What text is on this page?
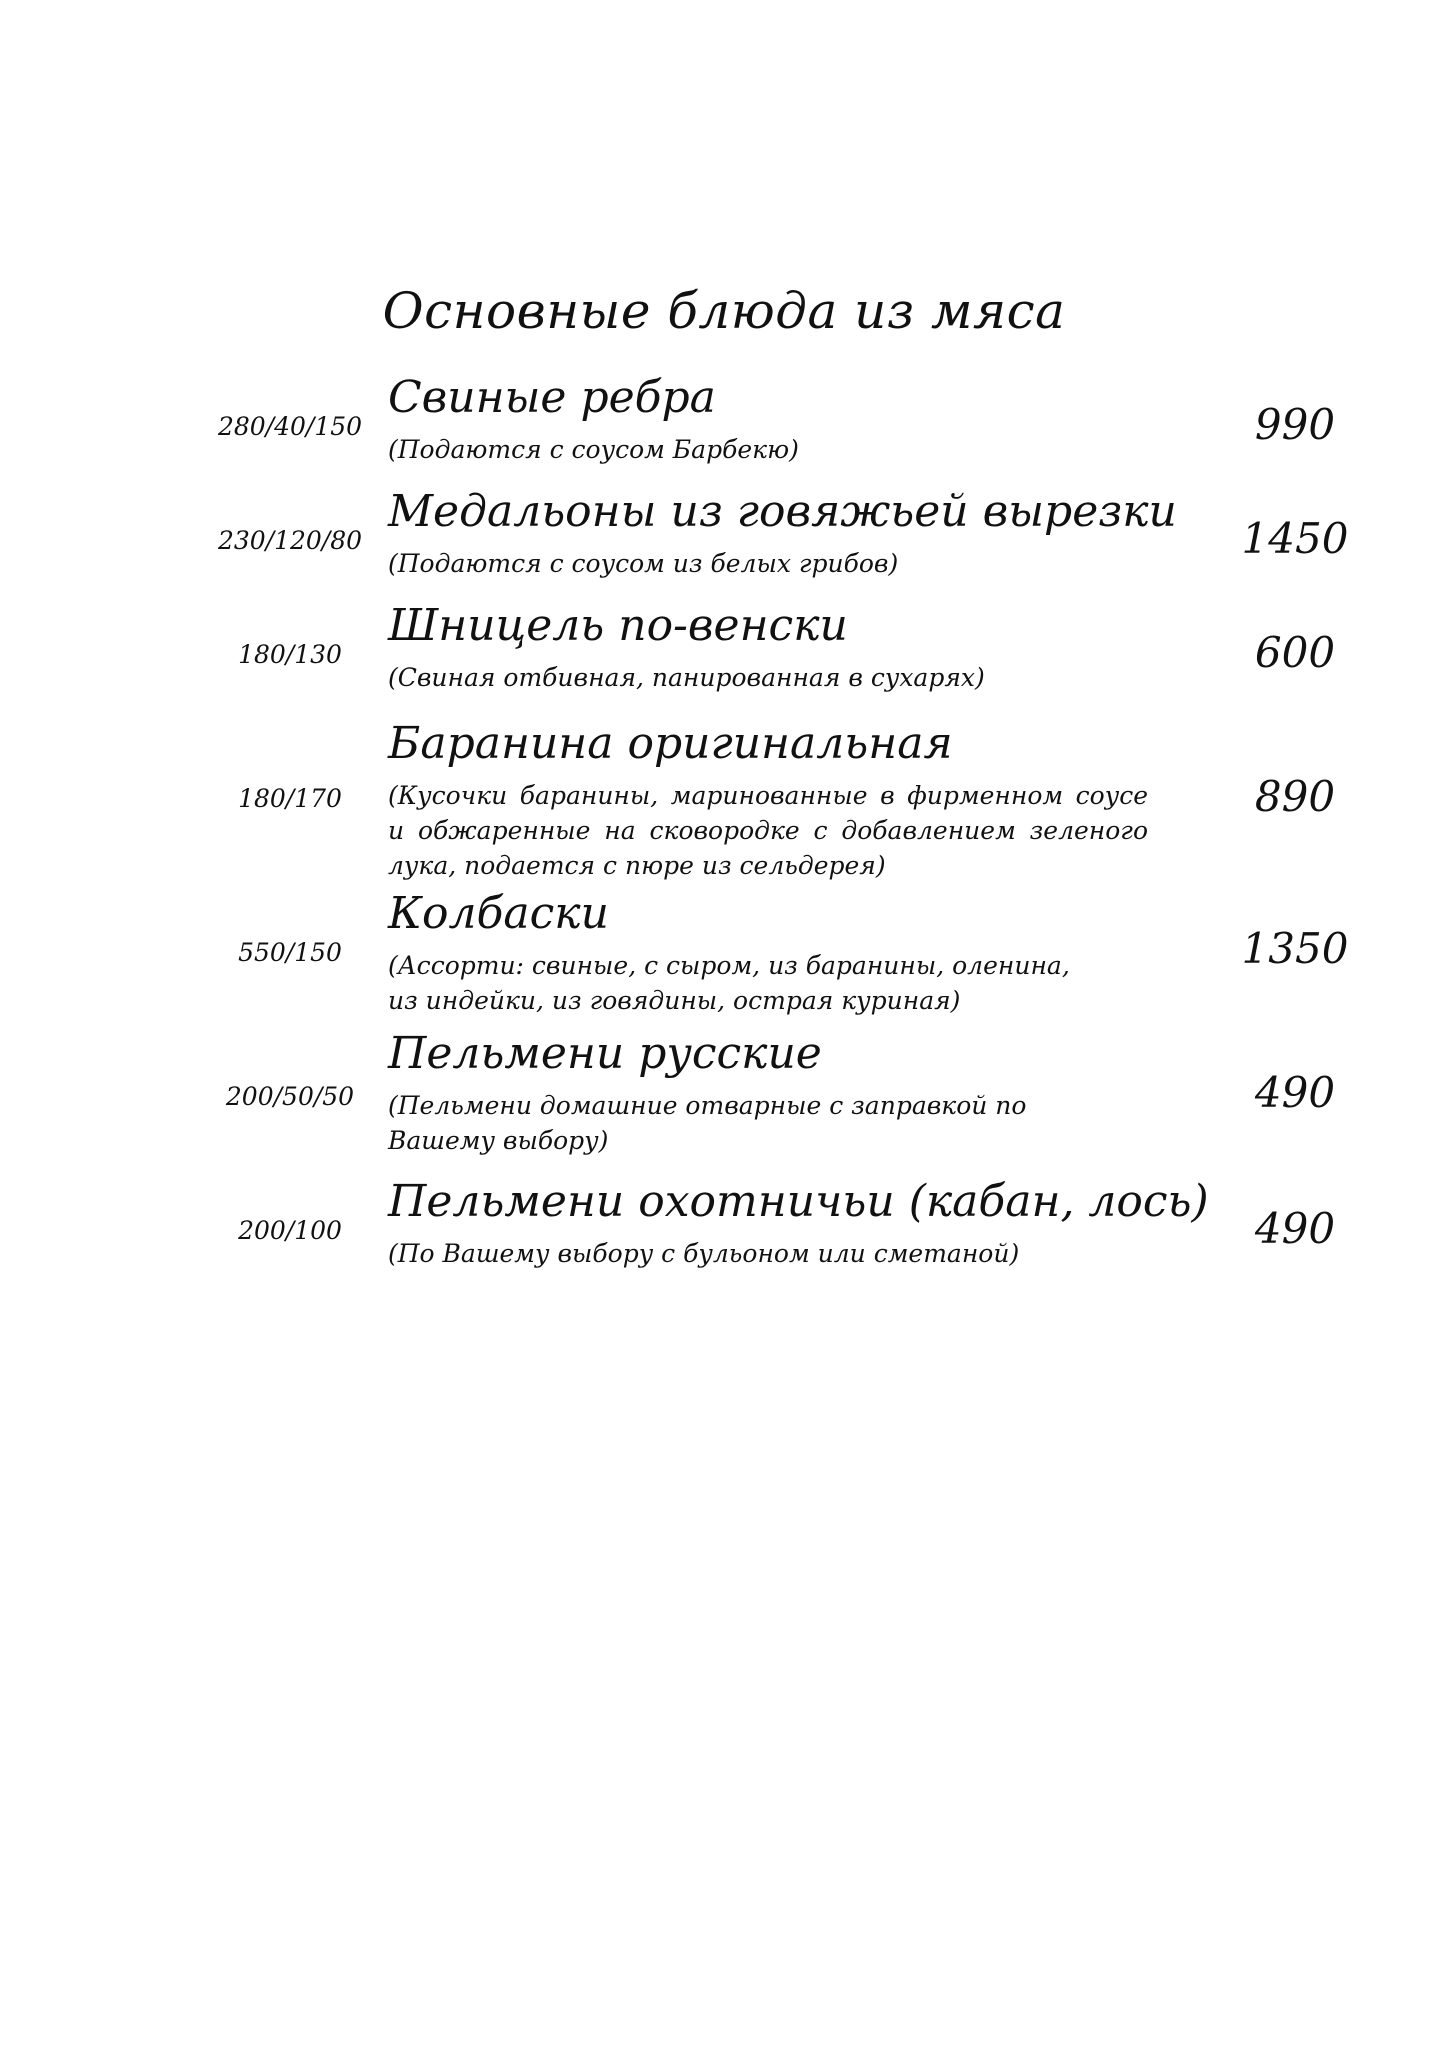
Основные блюда из мяса
280/40/150
Свиные ребра
(Подаются с соусом Барбекю)
990
230/120/80
Медальоны из говяжьей вырезки
(Подаются с соусом из белых грибов)
1450
180/130
Шницель по-венски
(Свиная отбивная, панированная в сухарях)
600
180/170
Баранина оригинальная
(Кусочки баранины, маринованные в фирменном соусе и обжаренные на сковородке с добавлением зеленого лука, подается с пюре из сельдерея)
890
550/150
Колбаски
(Ассорти: свиные, с сыром, из баранины, оленина, из индейки, из говядины, острая куриная)
1350
200/50/50
Пельмени русские
(Пельмени домашние отварные с заправкой по Вашему выбору)
490
200/100
Пельмени охотничьи (кабан, лось)
(По Вашему выбору с бульоном или сметаной)
490
